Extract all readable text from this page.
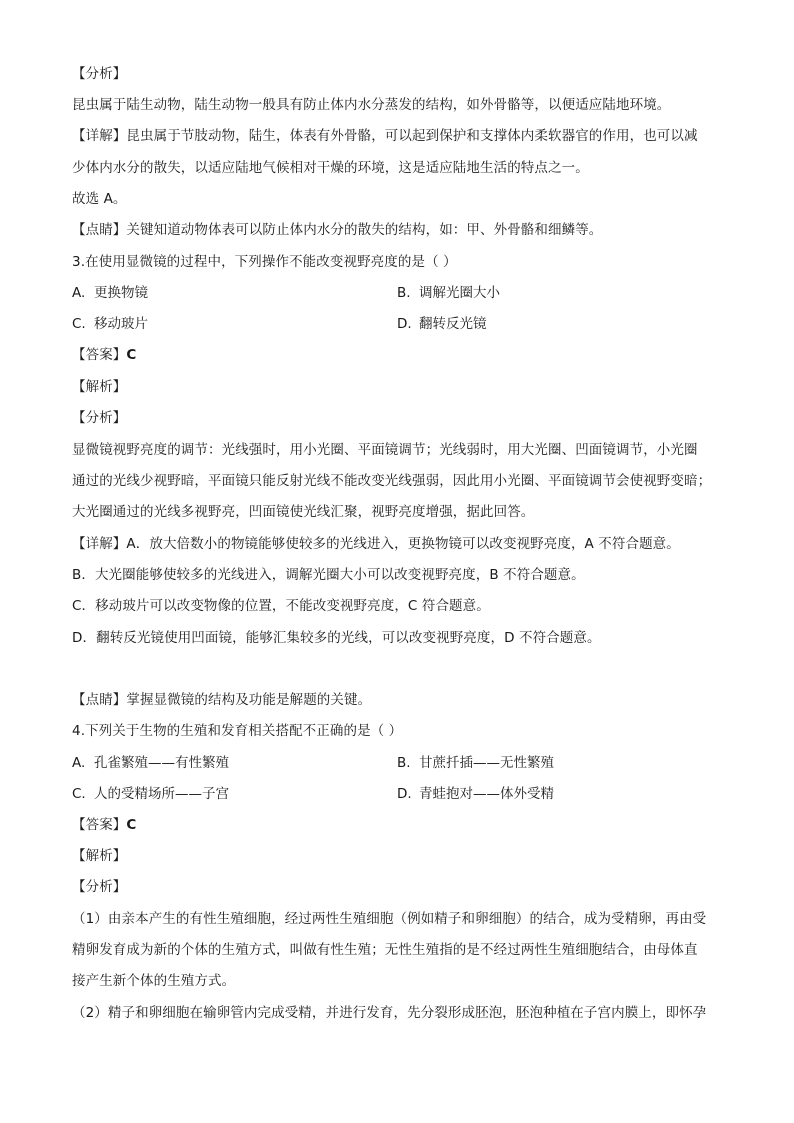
【分析】
昆虫属于陆生动物，陆生动物一般具有防止体内水分蒸发的结构，如外骨骼等，以便适应陆地环境。
【详解】昆虫属于节肢动物，陆生，体表有外骨骼，可以起到保护和支撑体内柔软器官的作用，也可以减
少体内水分的散失，以适应陆地气候相对干燥的环境，这是适应陆地生活的特点之一。
故选 A。
【点睛】关键知道动物体表可以防止体内水分的散失的结构，如：甲、外骨骼和细鳞等。
3.在使用显微镜的过程中，下列操作不能改变视野亮度的是（ ）
A. 更换物镜	B. 调解光圈大小
C. 移动玻片	D. 翻转反光镜
【答案】C
【解析】
【分析】
显微镜视野亮度的调节：光线强时，用小光圈、平面镜调节；光线弱时，用大光圈、凹面镜调节，小光圈
通过的光线少视野暗，平面镜只能反射光线不能改变光线强弱，因此用小光圈、平面镜调节会使视野变暗；
大光圈通过的光线多视野亮，凹面镜使光线汇聚，视野亮度增强，据此回答。
【详解】A．放大倍数小的物镜能够使较多的光线进入，更换物镜可以改变视野亮度，A 不符合题意。
B．大光圈能够使较多的光线进入，调解光圈大小可以改变视野亮度，B 不符合题意。
C．移动玻片可以改变物像的位置，不能改变视野亮度，C 符合题意。
D．翻转反光镜使用凹面镜，能够汇集较多的光线，可以改变视野亮度，D 不符合题意。
【点睛】掌握显微镜的结构及功能是解题的关键。
4.下列关于生物的生殖和发育相关搭配不正确的是（ ）
A. 孔雀繁殖——有性繁殖	B. 甘蔗扦插——无性繁殖
C. 人的受精场所——子宫	D. 青蛙抱对——体外受精
【答案】C
【解析】
【分析】
（1）由亲本产生的有性生殖细胞，经过两性生殖细胞（例如精子和卵细胞）的结合，成为受精卵，再由受
精卵发育成为新的个体的生殖方式，叫做有性生殖；无性生殖指的是不经过两性生殖细胞结合，由母体直
接产生新个体的生殖方式。
（2）精子和卵细胞在输卵管内完成受精，并进行发育，先分裂形成胚泡，胚泡种植在子宫内膜上，即怀孕
